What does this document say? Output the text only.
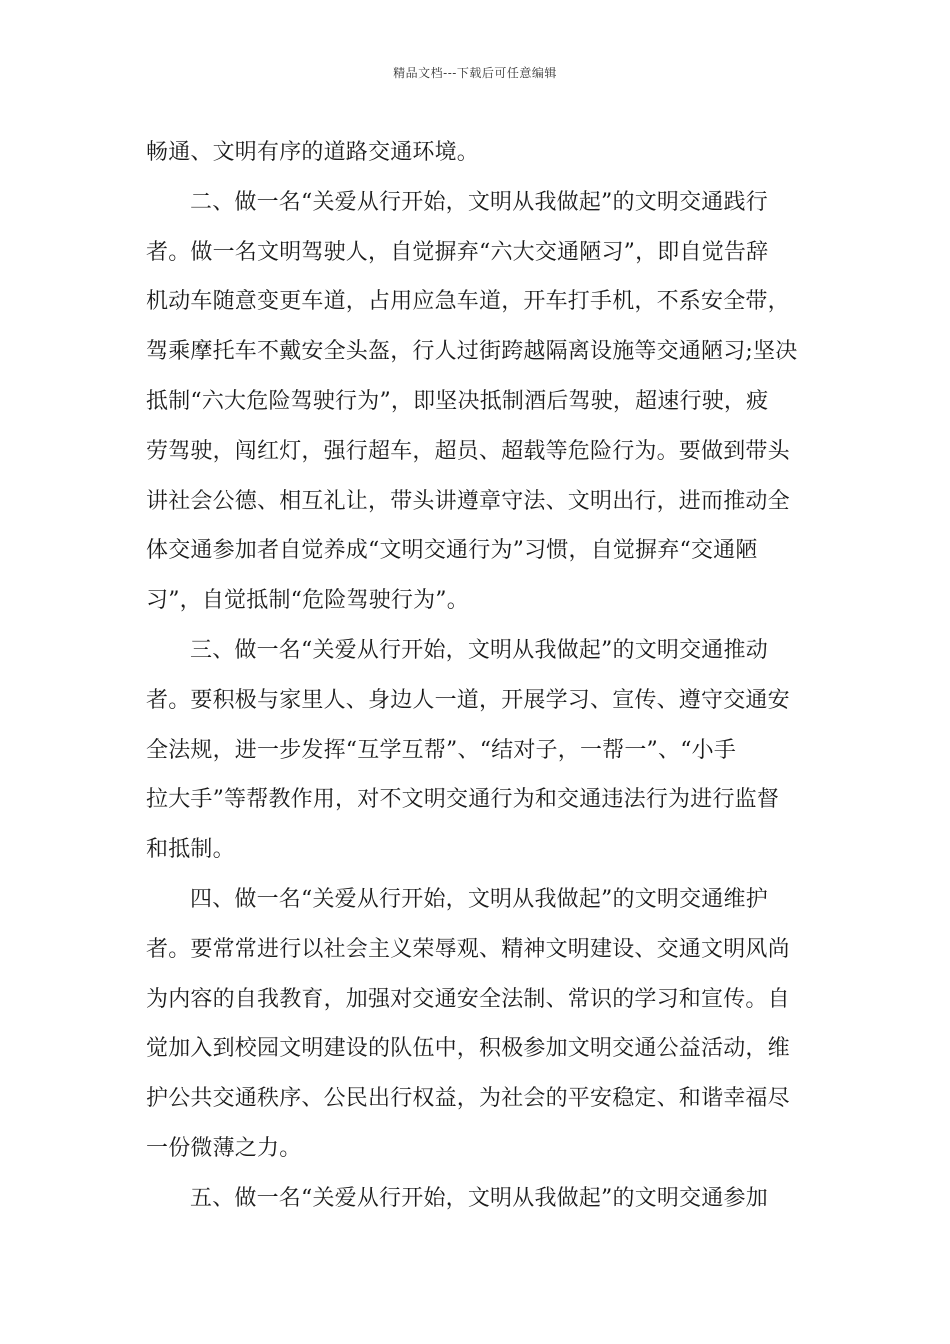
精品文档---下载后可任意编辑
畅通、文明有序的道路交通环境。
二、做一名“关爱从行开始，文明从我做起”的文明交通践行
者。做一名文明驾驶人，自觉摒弃“六大交通陋习”，即自觉告辞
机动车随意变更车道，占用应急车道，开车打手机，不系安全带，
驾乘摩托车不戴安全头盔，行人过街跨越隔离设施等交通陋习;坚决
抵制“六大危险驾驶行为”，即坚决抵制酒后驾驶，超速行驶，疲
劳驾驶，闯红灯，强行超车，超员、超载等危险行为。要做到带头
讲社会公德、相互礼让，带头讲遵章守法、文明出行，进而推动全
体交通参加者自觉养成“文明交通行为”习惯，自觉摒弃“交通陋
习”，自觉抵制“危险驾驶行为”。
三、做一名“关爱从行开始，文明从我做起”的文明交通推动
者。要积极与家里人、身边人一道，开展学习、宣传、遵守交通安
全法规，进一步发挥“互学互帮”、“结对子，一帮一”、“小手
拉大手”等帮教作用，对不文明交通行为和交通违法行为进行监督
和抵制。
四、做一名“关爱从行开始，文明从我做起”的文明交通维护
者。要常常进行以社会主义荣辱观、精神文明建设、交通文明风尚
为内容的自我教育，加强对交通安全法制、常识的学习和宣传。自
觉加入到校园文明建设的队伍中，积极参加文明交通公益活动，维
护公共交通秩序、公民出行权益，为社会的平安稳定、和谐幸福尽
一份微薄之力。
五、做一名“关爱从行开始，文明从我做起”的文明交通参加
